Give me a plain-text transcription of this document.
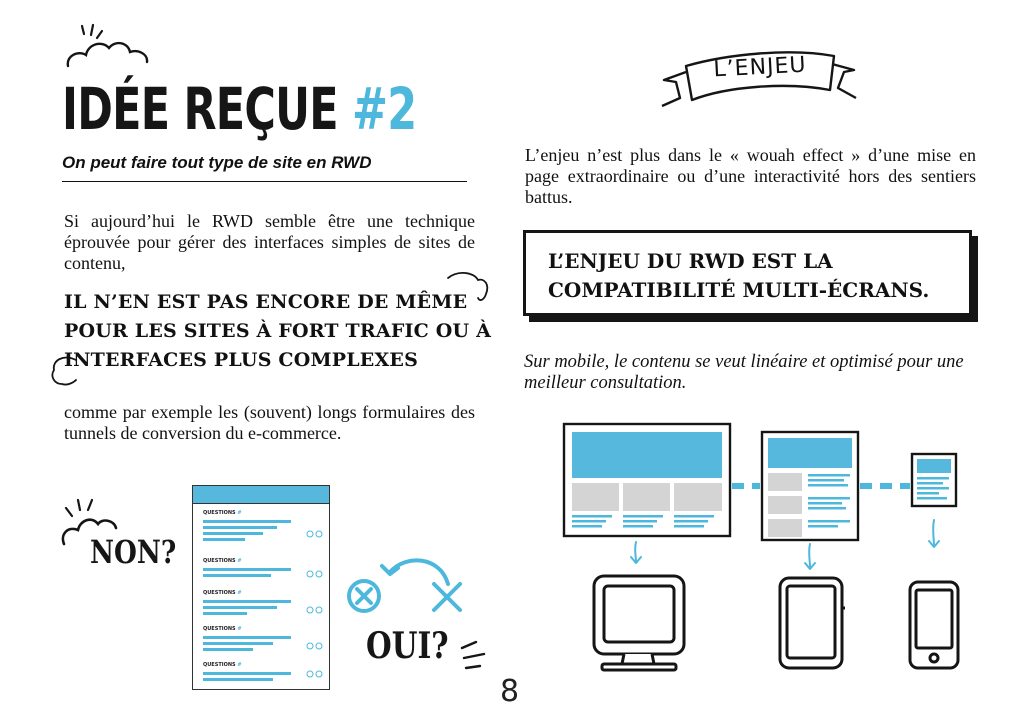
IDÉE REÇUE #2
On peut faire tout type de site en RWD
Si aujourd’hui le RWD semble être une technique éprouvée pour gérer des interfaces simples de sites de contenu,
IL N’EN EST PAS ENCORE DE MÊME
POUR LES SITES À FORT TRAFIC OU À
INTERFACES PLUS COMPLEXES
comme par exemple les (souvent) longs formulaires des tunnels de conversion du e-commerce.
NON?
QUESTIONS #
QUESTIONS #
QUESTIONS #
QUESTIONS #
QUESTIONS #	OUI?
8
L’ENJEU
L’enjeu n’est plus dans le « wouah effect » d’une mise en page extraordinaire ou d’une interactivité hors des sentiers battus.
L’ENJEU DU RWD EST LA
COMPATIBILITÉ MULTI-ÉCRANS.
Sur mobile, le contenu se veut linéaire et optimisé pour une meilleur consultation.
